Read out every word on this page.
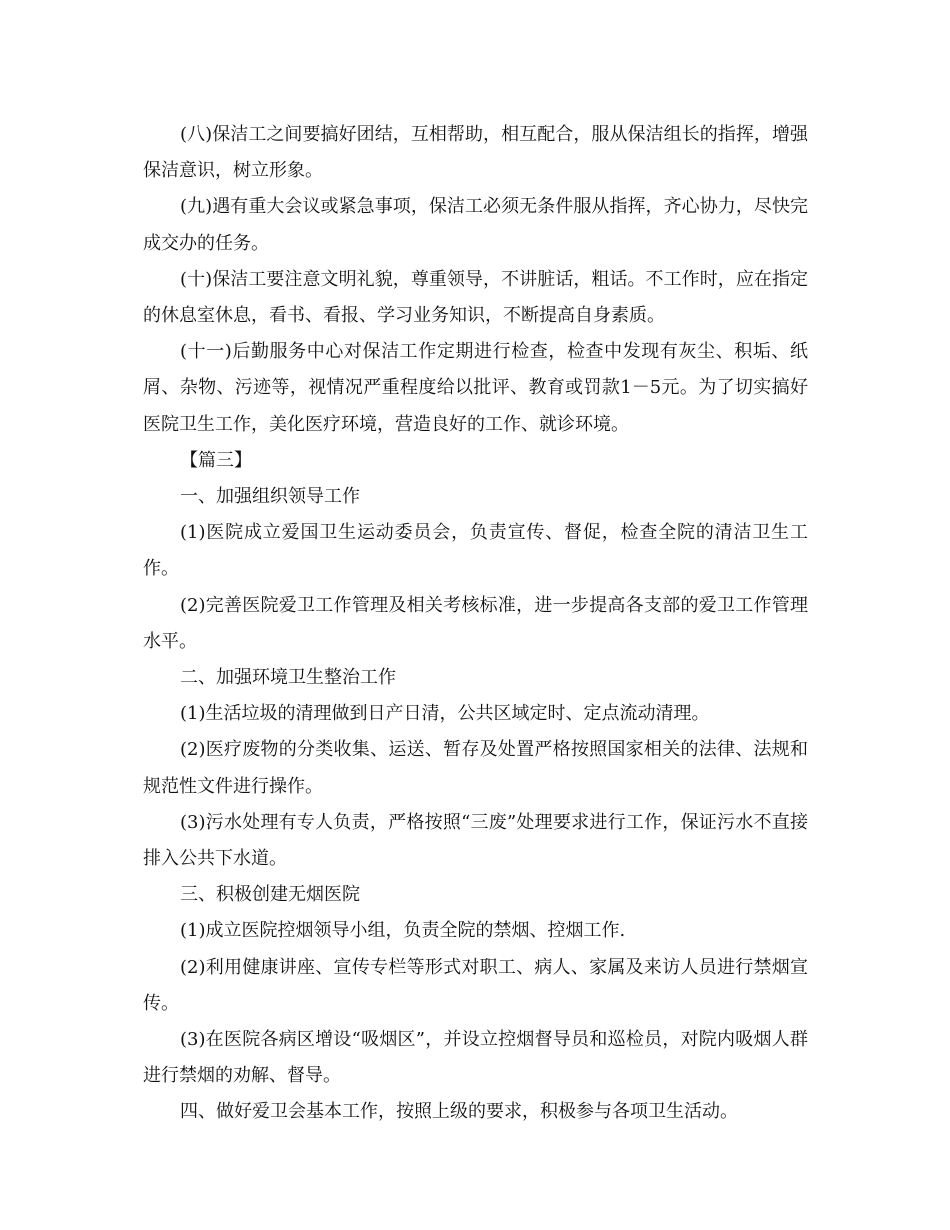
(八)保洁工之间要搞好团结，互相帮助，相互配合，服从保洁组长的指挥，增强保洁意识，树立形象。

(九)遇有重大会议或紧急事项，保洁工必须无条件服从指挥，齐心协力，尽快完成交办的任务。

(十)保洁工要注意文明礼貌，尊重领导，不讲脏话，粗话。不工作时，应在指定的休息室休息，看书、看报、学习业务知识，不断提高自身素质。

(十一)后勤服务中心对保洁工作定期进行检查，检查中发现有灰尘、积垢、纸屑、杂物、污迹等，视情况严重程度给以批评、教育或罚款1－5元。为了切实搞好医院卫生工作，美化医疗环境，营造良好的工作、就诊环境。

【篇三】

一、加强组织领导工作

(1)医院成立爱国卫生运动委员会，负责宣传、督促，检查全院的清洁卫生工作。

(2)完善医院爱卫工作管理及相关考核标准，进一步提高各支部的爱卫工作管理水平。

二、加强环境卫生整治工作

(1)生活垃圾的清理做到日产日清，公共区域定时、定点流动清理。

(2)医疗废物的分类收集、运送、暂存及处置严格按照国家相关的法律、法规和规范性文件进行操作。

(3)污水处理有专人负责，严格按照“三废”处理要求进行工作，保证污水不直接排入公共下水道。

三、积极创建无烟医院

(1)成立医院控烟领导小组，负责全院的禁烟、控烟工作.

(2)利用健康讲座、宣传专栏等形式对职工、病人、家属及来访人员进行禁烟宣传。

(3)在医院各病区增设“吸烟区”，并设立控烟督导员和巡检员，对院内吸烟人群进行禁烟的劝解、督导。

四、做好爱卫会基本工作，按照上级的要求，积极参与各项卫生活动。
